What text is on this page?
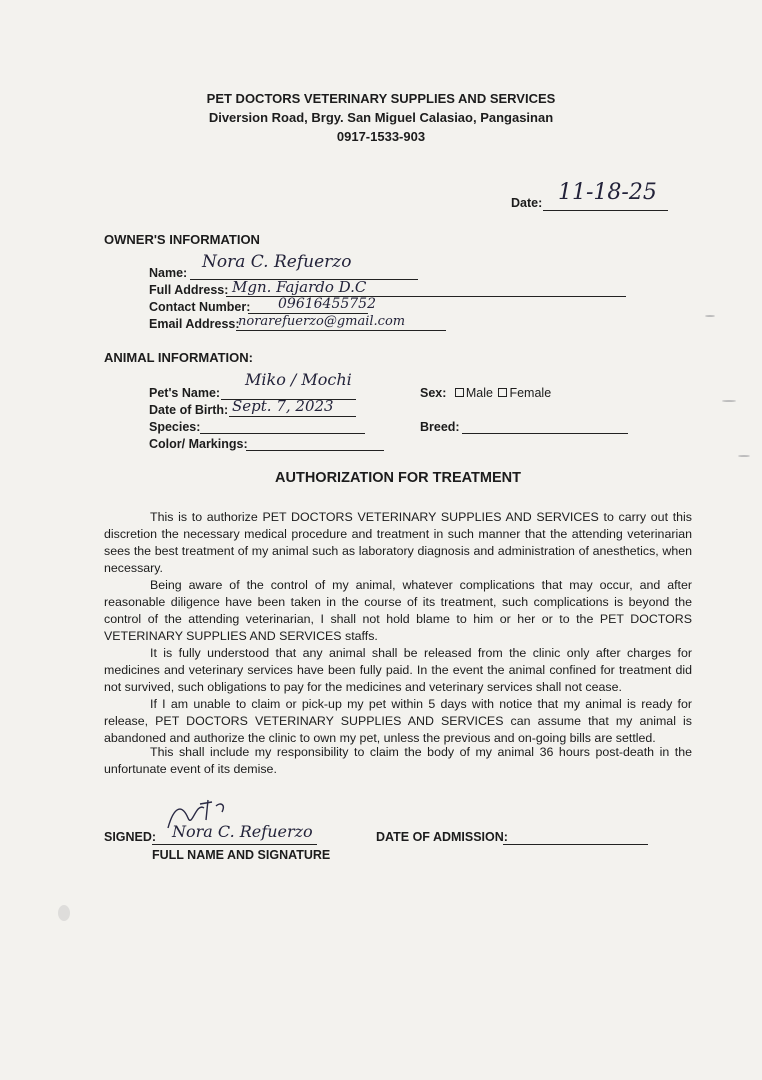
PET DOCTORS VETERINARY SUPPLIES AND SERVICES
Diversion Road, Brgy. San Miguel Calasiao, Pangasinan
0917-1533-903
Date: 11-18-25
OWNER'S INFORMATION
Name:
Nora C. Refuerzo
Full Address: Mgn. Fajardo D.C
Contact Number: 09616455752
Email Address:
norarefuerzo@gmail.com
ANIMAL INFORMATION:
Pet's Name:
Miko / Mochi
Date of Birth: Sept. 7, 2023
Species:
Color/ Markings:
Sex: Male Female
Breed:
AUTHORIZATION FOR TREATMENT
This is to authorize PET DOCTORS VETERINARY SUPPLIES AND SERVICES to carry out this discretion the necessary medical procedure and treatment in such manner that the attending veterinarian sees the best treatment of my animal such as laboratory diagnosis and administration of anesthetics, when necessary.
Being aware of the control of my animal, whatever complications that may occur, and after reasonable diligence have been taken in the course of its treatment, such complications is beyond the control of the attending veterinarian, I shall not hold blame to him or her or to the PET DOCTORS VETERINARY SUPPLIES AND SERVICES staffs.
It is fully understood that any animal shall be released from the clinic only after charges for medicines and veterinary services have been fully paid. In the event the animal confined for treatment did not survived, such obligations to pay for the medicines and veterinary services shall not cease.
If I am unable to claim or pick-up my pet within 5 days with notice that my animal is ready for release, PET DOCTORS VETERINARY SUPPLIES AND SERVICES can assume that my animal is abandoned and authorize the clinic to own my pet, unless the previous and on-going bills are settled.
This shall include my responsibility to claim the body of my animal 36 hours post-death in the unfortunate event of its demise.
SIGNED: Nora C. Refuerzo
FULL NAME AND SIGNATURE
DATE OF ADMISSION:
